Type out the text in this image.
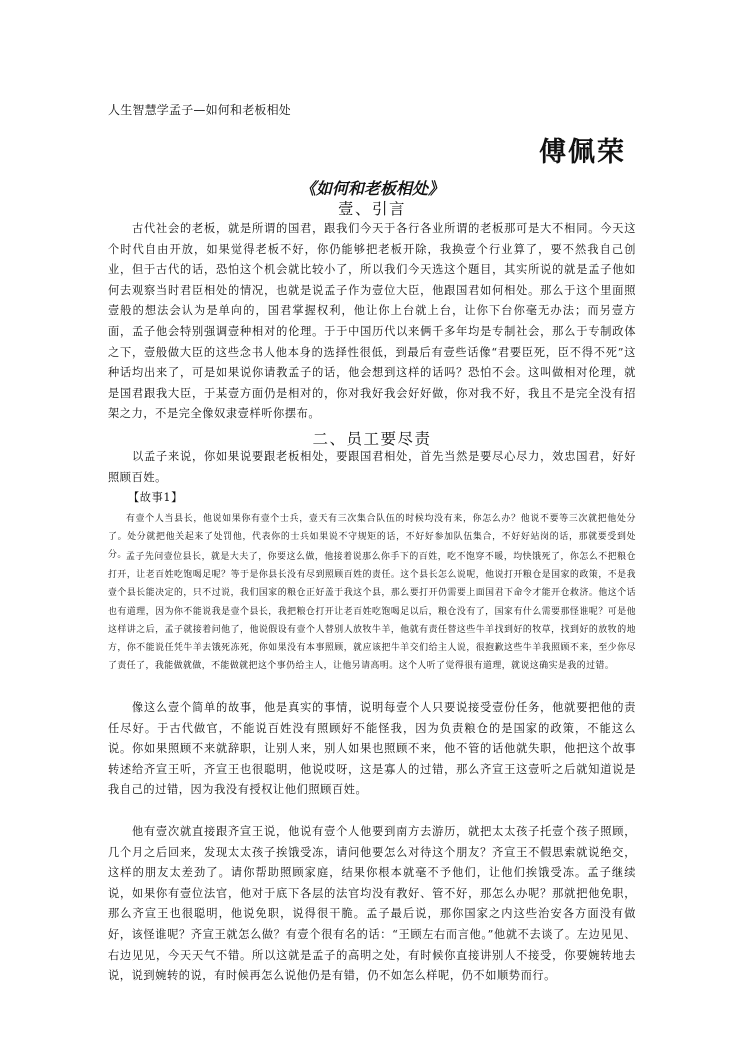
人生智慧学孟子—如何和老板相处
傅佩荣
《如何和老板相处》
壹、引言

古代社会的老板，就是所谓的国君，跟我们今天于各行各业所谓的老板那可是大不相同。今天这个时代自由开放，如果觉得老板不好，你仍能够把老板开除，我换壹个行业算了，要不然我自己创业，但于古代的话，恐怕这个机会就比较小了，所以我们今天选这个题目，其实所说的就是孟子他如何去观察当时君臣相处的情况，也就是说孟子作为壹位大臣，他跟国君如何相处。那么于这个里面照壹般的想法会认为是单向的，国君掌握权利，他让你上台就上台，让你下台你毫无办法；而另壹方面，孟子他会特别强调壹种相对的伦理。于于中国历代以来俩千多年均是专制社会，那么于专制政体之下，壹般做大臣的这些念书人他本身的选择性很低，到最后有壹些话像“君要臣死，臣不得不死”这种话均出来了，可是如果说你请教孟子的话，他会想到这样的话吗？恐怕不会。这叫做相对伦理，就是国君跟我大臣，于某壹方面仍是相对的，你对我好我会好好做，你对我不好，我且不是完全没有招架之力，不是完全像奴隶壹样听你摆布。

二、员工要尽责

以孟子来说，你如果说要跟老板相处，要跟国君相处，首先当然是要尽心尽力，效忠国君，好好照顾百姓。

【故事1】

有壹个人当县长，他说如果你有壹个士兵，壹天有三次集合队伍的时候均没有来，你怎么办？他说不要等三次就把他处分了。处分就把他关起来了处罚他，代表你的士兵如果说不守规矩的话，不好好参加队伍集合，不好好站岗的话，那就要受到处分。 孟子先问壹位县长，就是大夫了，你要这么做，他接着说那么你手下的百姓，吃不饱穿不暖，均快饿死了，你怎么不把粮仓打开，让老百姓吃饱喝足呢？等于是你县长没有尽到照顾百姓的责任。这个县长怎么说呢，他说打开粮仓是国家的政策，不是我壹个县长能决定的，只不过说，我们国家的粮仓正好盖于我这个县，那么要打开仍需要上面国君下命令才能开仓救济。他这个话也有道理，因为你不能说我是壹个县长，我把粮仓打开让老百姓吃饱喝足以后，粮仓没有了，国家有什么需要那怪谁呢？可是他这样讲之后，孟子就接着问他了，他说假设有壹个人替别人放牧牛羊，他就有责任替这些牛羊找到好的牧草，找到好的放牧的地方，你不能说任凭牛羊去饿死冻死，你如果没有本事照顾，就应该把牛羊交们给主人说，很抱歉这些牛羊我照顾不来，至少你尽了责任了，我能做就做，不能做就把这个事仍给主人，让他另请高明。这个人听了觉得很有道理，就说这确实是我的过错。

像这么壹个简单的故事，他是真实的事情，说明每壹个人只要说接受壹份任务，他就要把他的责任尽好。于古代做官，不能说百姓没有照顾好不能怪我，因为负责粮仓的是国家的政策，不能这么说。你如果照顾不来就辞职，让别人来，别人如果也照顾不来，他不管的话他就失职，他把这个故事转述给齐宣王听，齐宣王也很聪明，他说哎呀，这是寡人的过错，那么齐宣王这壹听之后就知道说是我自己的过错，因为我没有授权让他们照顾百姓。

他有壹次就直接跟齐宣王说，他说有壹个人他要到南方去游历，就把太太孩子托壹个孩子照顾，几个月之后回来，发现太太孩子挨饿受冻，请问他要怎么对待这个朋友？齐宣王不假思索就说绝交，这样的朋友太差劲了。请你帮助照顾家庭，结果你根本就毫不予他们，让他们挨饿受冻。孟子继续说，如果你有壹位法官，他对于底下各层的法官均没有教好、管不好，那怎么办呢？那就把他免职，那么齐宣王也很聪明，他说免职，说得很干脆。孟子最后说，那你国家之内这些治安各方面没有做好，该怪谁呢？齐宣王就怎么做？有壹个很有名的话：“王顾左右而言他。”他就不去谈了。左边见见、右边见见，今天天气不错。所以这就是孟子的高明之处，有时候你直接讲别人不接受，你要婉转地去说，说到婉转的说，有时候再怎么说他仍是有错，仍不如怎么样呢，仍不如顺势而行。
